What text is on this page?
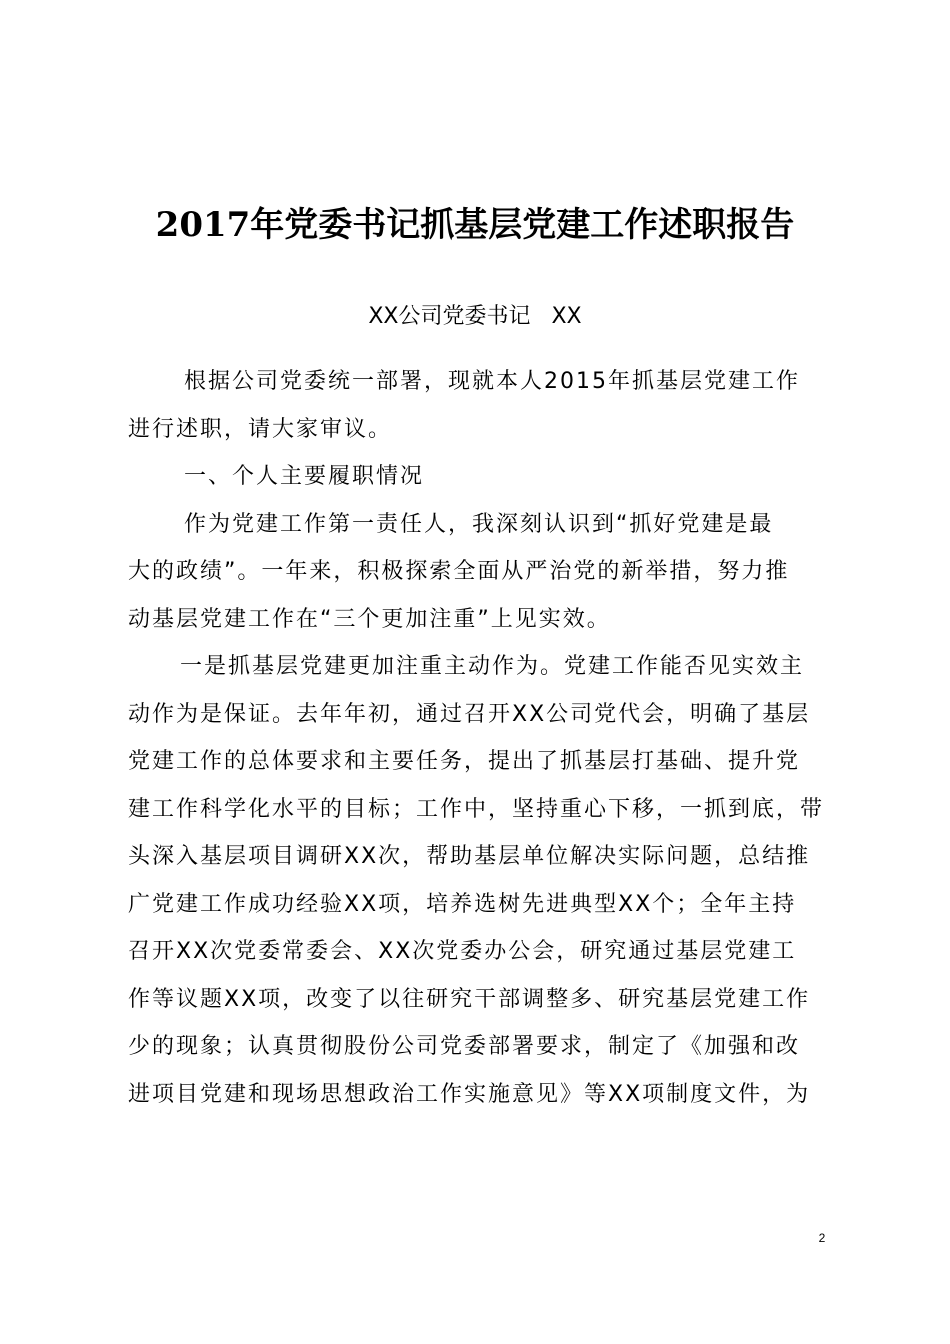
2017年党委书记抓基层党建工作述职报告
XX公司党委书记   XX
根据公司党委统一部署，现就本人2015年抓基层党建工作
进行述职，请大家审议。
一、个人主要履职情况
作为党建工作第一责任人，我深刻认识到“抓好党建是最
大的政绩”。一年来，积极探索全面从严治党的新举措，努力推
动基层党建工作在“三个更加注重”上见实效。
一是抓基层党建更加注重主动作为。党建工作能否见实效主
动作为是保证。去年年初，通过召开XX公司党代会，明确了基层
党建工作的总体要求和主要任务，提出了抓基层打基础、提升党
建工作科学化水平的目标；工作中，坚持重心下移，一抓到底，带
头深入基层项目调研XX次，帮助基层单位解决实际问题，总结推
广党建工作成功经验XX项，培养选树先进典型XX个；全年主持
召开XX次党委常委会、XX次党委办公会，研究通过基层党建工
作等议题XX项，改变了以往研究干部调整多、研究基层党建工作
少的现象；认真贯彻股份公司党委部署要求，制定了《加强和改
进项目党建和现场思想政治工作实施意见》等XX项制度文件，为
2
